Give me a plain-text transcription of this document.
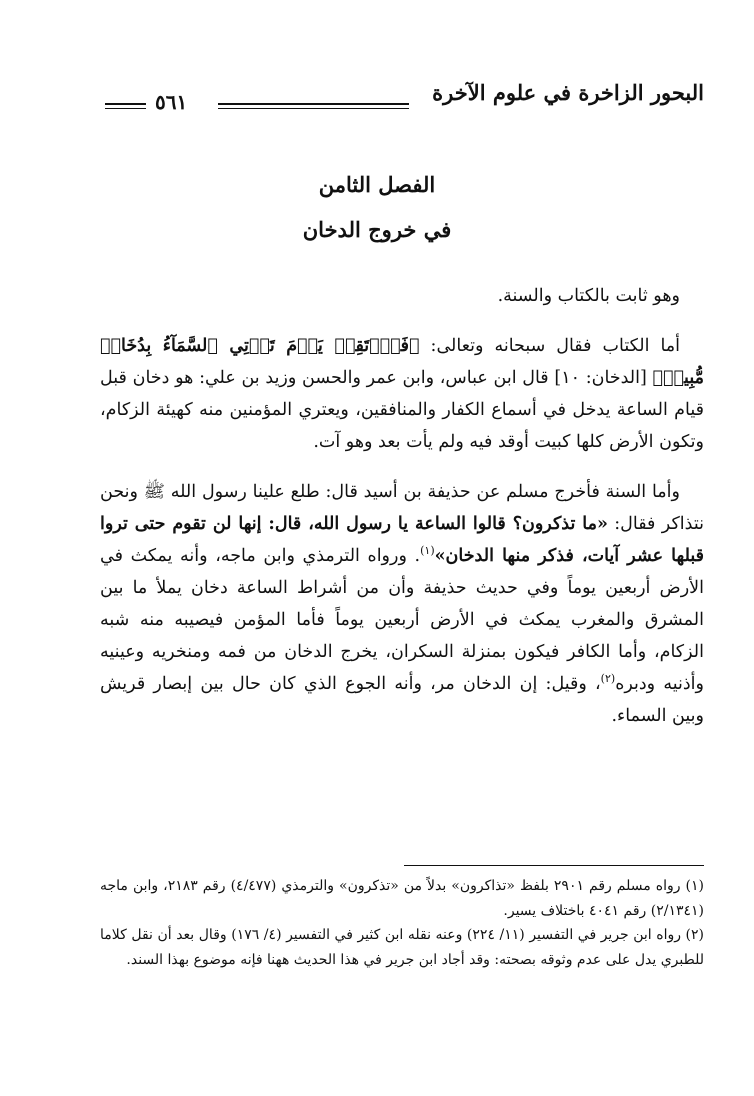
البحور الزاخرة في علوم الآخرة
٥٦١
الفصل الثامن
في خروج الدخان

وهو ثابت بالكتاب والسنة.

أما الكتاب فقال سبحانه وتعالى: ﴿فَٱرۡتَقِبۡ يَوۡمَ تَأۡتِي ٱلسَّمَآءُ بِدُخَانٖ مُّبِينٖ﴾ [الدخان: ١٠] قال ابن عباس، وابن عمر والحسن وزيد بن علي: هو دخان قبل قيام الساعة يدخل في أسماع الكفار والمنافقين، ويعتري المؤمنين منه كهيئة الزكام، وتكون الأرض كلها كبيت أوقد فيه ولم يأت بعد وهو آت.

وأما السنة فأخرج مسلم عن حذيفة بن أسيد قال: طلع علينا رسول الله ﷺ ونحن نتذاكر فقال: «ما تذكرون؟ قالوا الساعة يا رسول الله، قال: إنها لن تقوم حتى تروا قبلها عشر آيات، فذكر منها الدخان»$^{(١)}$. ورواه الترمذي وابن ماجه، وأنه يمكث في الأرض أربعين يوماً وفي حديث حذيفة وأن من أشراط الساعة دخان يملأ ما بين المشرق والمغرب يمكث في الأرض أربعين يوماً فأما المؤمن فيصيبه منه شبه الزكام، وأما الكافر فيكون بمنزلة السكران، يخرج الدخان من فمه ومنخريه وعينيه وأذنيه ودبره$^{(٢)}$، وقيل: إن الدخان مر، وأنه الجوع الذي كان حال بين إبصار قريش وبين السماء.

(١) رواه مسلم رقم ٢٩٠١ بلفظ «تذاكرون» بدلاً من «تذكرون» والترمذي (٤/٤٧٧) رقم ٢١٨٣، وابن ماجه (٢/١٣٤١) رقم ٤٠٤١ باختلاف يسير.

(٢) رواه ابن جرير في التفسير (١١/ ٢٢٤) وعنه نقله ابن كثير في التفسير (٤/ ١٧٦) وقال بعد أن نقل كلاما للطبري يدل على عدم وثوقه بصحته: وقد أجاد ابن جرير في هذا الحديث ههنا فإنه موضوع بهذا السند.
